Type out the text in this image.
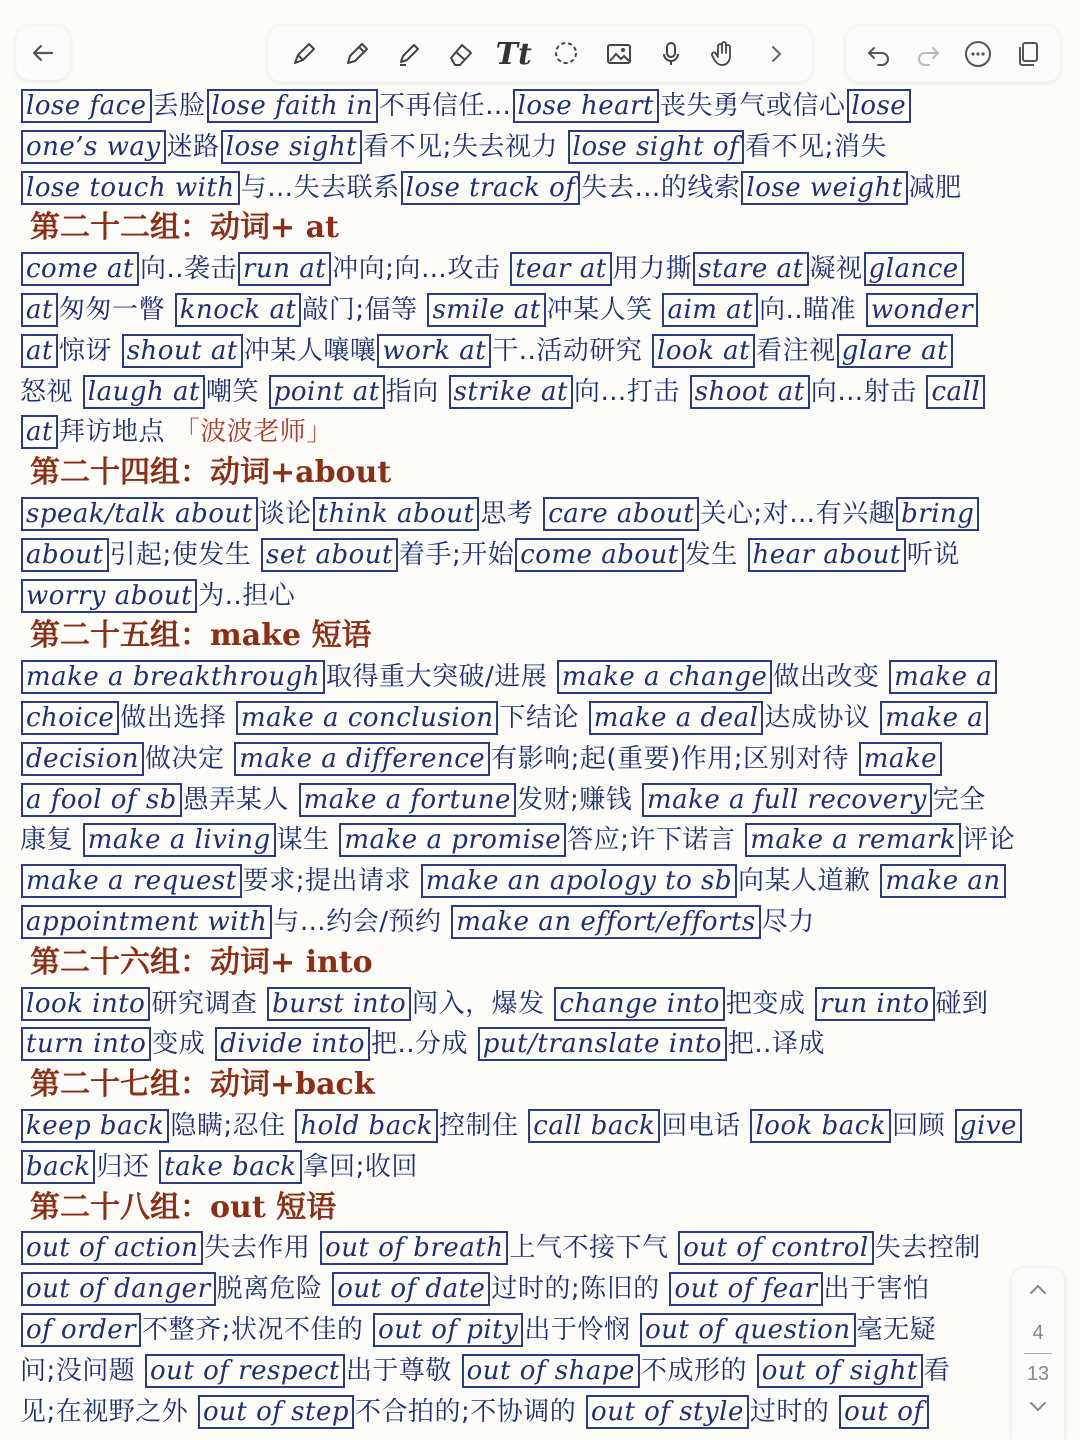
Tt
lose face 丢脸 lose faith in 不再信任… lose heart 丧失勇气或信心 lose
one’s way 迷路 lose sight 看不见;失去视力 lose sight of 看不见;消失
lose touch with 与…失去联系 lose track of 失去…的线索 lose weight 减肥
第二十二组：动词+ at
come at 向..袭击 run at 冲向;向…攻击 tear at 用力撕 stare at 凝视 glance
at 匆匆一瞥 knock at 敲门;偪等 smile at 冲某人笑 aim at 向..瞄准 wonder
at 惊讶 shout at 冲某人嚷嚷 work at 干..活动研究 look at 看注视 glare at
怒视 laugh at 嘲笑 point at 指向 strike at 向…打击 shoot at 向…射击 call
at 拜访地点 「波波老师」
第二十四组：动词+about
speak/talk about 谈论 think about 思考 care about 关心;对…有兴趣 bring
about 引起;使发生 set about 着手;开始 come about 发生 hear about 听说
worry about 为..担心
第二十五组：make 短语
make a breakthrough 取得重大突破/进展 make a change 做出改变 make a
choice 做出选择 make a conclusion 下结论 make a deal 达成协议 make a
decision 做决定 make a difference 有影响;起(重要)作用;区别对待 make
a fool of sb 愚弄某人 make a fortune 发财;赚钱 make a full recovery 完全
康复 make a living 谋生 make a promise 答应;许下诺言 make a remark 评论
make a request 要求;提出请求 make an apology to sb 向某人道歉 make an
appointment with 与…约会/预约 make an effort/efforts 尽力
第二十六组：动词+ into
look into 研究调查 burst into 闯入，爆发 change into 把变成 run into 碰到
turn into 变成 divide into 把..分成 put/translate into 把..译成
第二十七组：动词+back
keep back 隐瞒;忍住 hold back 控制住 call back 回电话 look back 回顾 give
back 归还 take back 拿回;收回
第二十八组：out 短语
out of action 失去作用 out of breath 上气不接下气 out of control 失去控制
out of danger 脱离危险 out of date 过时的;陈旧的 out of fear 出于害怕
of order 不整齐;状况不佳的 out of pity 出于怜悯 out of question 毫无疑
问;没问题 out of respect 出于尊敬 out of shape 不成形的 out of sight 看
见;在视野之外 out of step 不合拍的;不协调的 out of style 过时的 out of
4
13
